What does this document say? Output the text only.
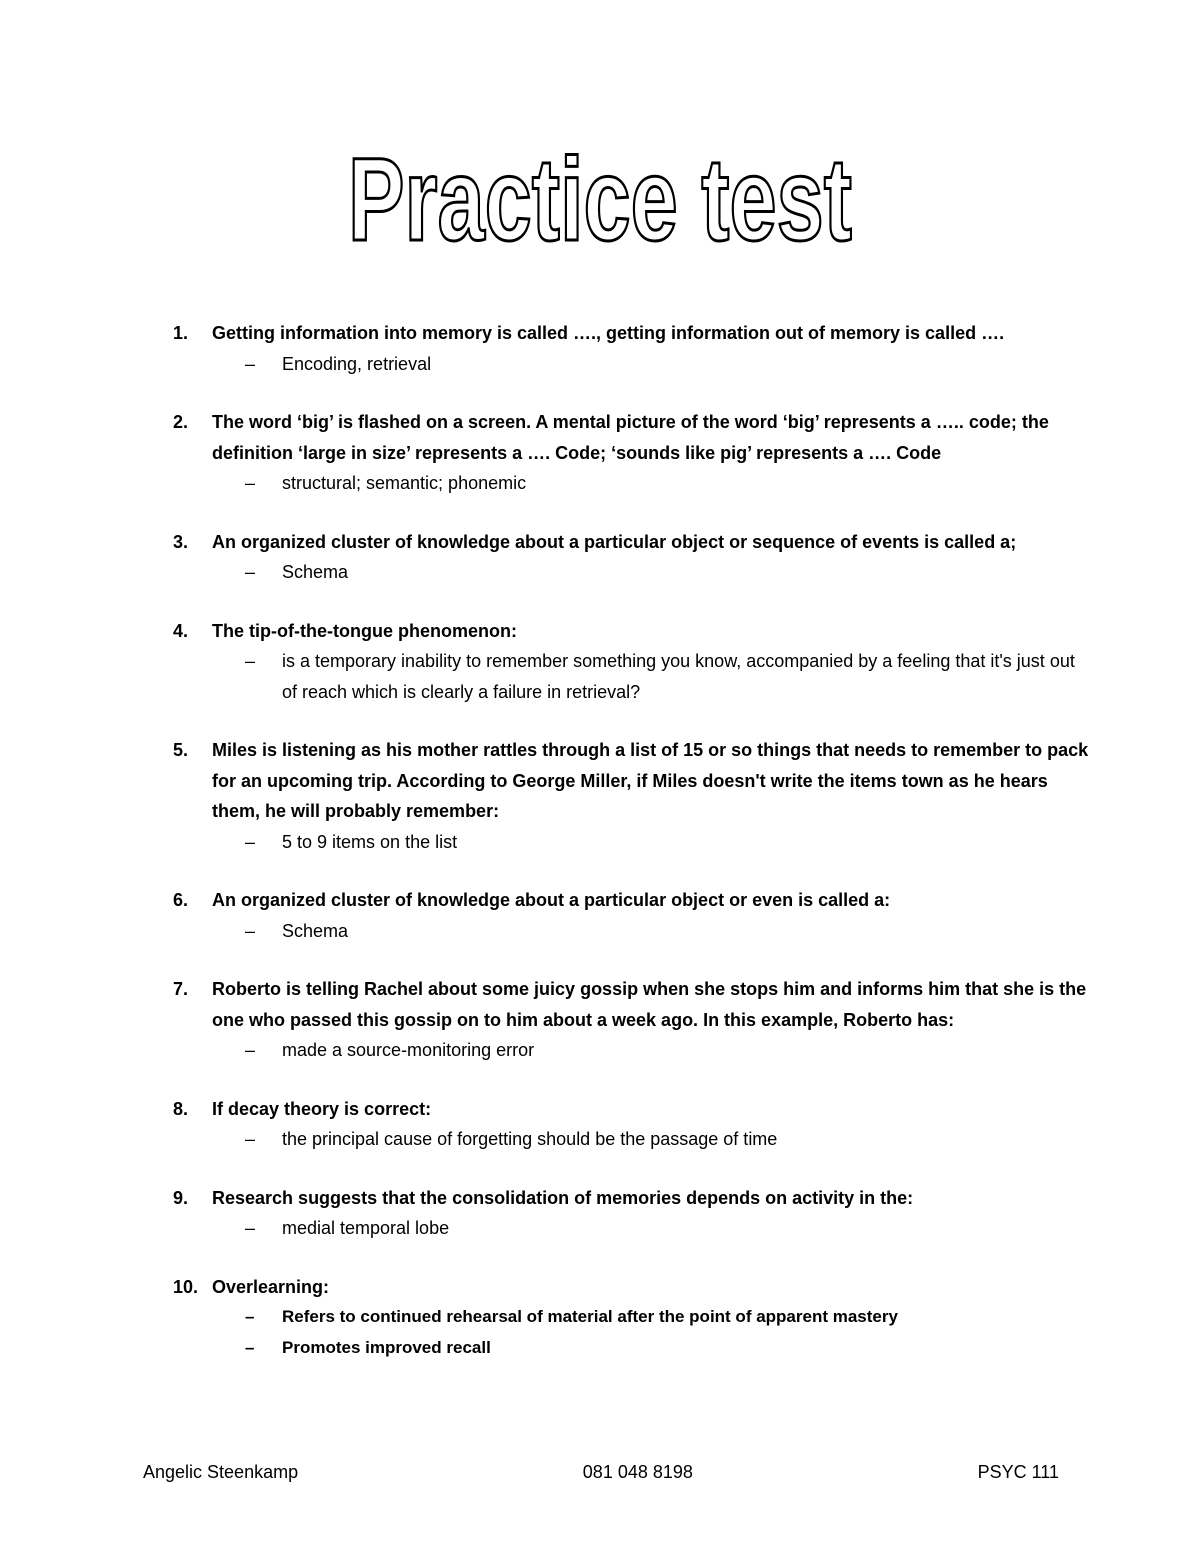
Practice test
1.	Getting information into memory is called …., getting information out of memory is called ….
–	Encoding, retrieval
2.	The word ‘big’ is flashed on a screen. A mental picture of the word ‘big’ represents a ….. code; the definition ‘large in size’ represents a …. Code; ‘sounds like pig’ represents a …. Code
–	structural; semantic; phonemic
3.	An organized cluster of knowledge about a particular object or sequence of events is called a;
–	Schema
4.	The tip-of-the-tongue phenomenon:
–	is a temporary inability to remember something you know, accompanied by a feeling that it's just out of reach which is clearly a failure in retrieval?
5.	Miles is listening as his mother rattles through a list of 15 or so things that needs to remember to pack for an upcoming trip. According to George Miller, if Miles doesn't write the items town as he hears them, he will probably remember:
–	5 to 9 items on the list
6.	An organized cluster of knowledge about a particular object or even is called a:
–	Schema
7.	Roberto is telling Rachel about some juicy gossip when she stops him and informs him that she is the one who passed this gossip on to him about a week ago. In this example, Roberto has:
–	made a source-monitoring error
8.	If decay theory is correct:
–	the principal cause of forgetting should be the passage of time
9.	Research suggests that the consolidation of memories depends on activity in the:
–	medial temporal lobe
10. Overlearning:
–	Refers to continued rehearsal of material after the point of apparent mastery
–	Promotes improved recall
Angelic Steenkamp	081 048 8198	PSYC 111
